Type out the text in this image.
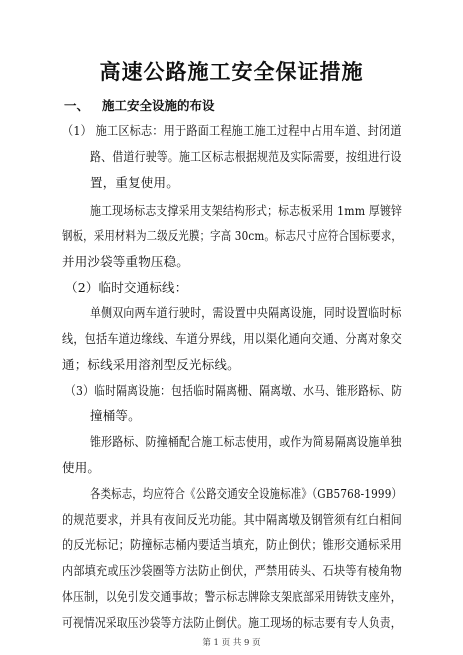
高速公路施工安全保证措施
一、 施工安全设施的布设
（1） 施工区标志：用于路面工程施工施工过程中占用车道、封闭道
路、借道行驶等。施工区标志根据规范及实际需要，按组进行设
置，重复使用。
施工现场标志支撑采用支架结构形式；标志板采用 1mm 厚镀锌
钢板，采用材料为二级反光膜；字高 30cm。标志尺寸应符合国标要求，
并用沙袋等重物压稳。
（2）临时交通标线：
单侧双向两车道行驶时，需设置中央隔离设施，同时设置临时标
线，包括车道边缘线、车道分界线，用以渠化通向交通、分离对象交
通；标线采用溶剂型反光标线。
（3）临时隔离设施：包括临时隔离栅、隔离墩、水马、锥形路标、防
撞桶等。
锥形路标、防撞桶配合施工标志使用，或作为简易隔离设施单独
使用。
各类标志，均应符合《公路交通安全设施标准》（GB5768-1999）
的规范要求，并具有夜间反光功能。其中隔离墩及钢管须有红白相间
的反光标记；防撞标志桶内要适当填充，防止倒伏；锥形交通标采用
内部填充或压沙袋圈等方法防止倒伏，严禁用砖头、石块等有棱角物
体压制，以免引发交通事故；警示标志牌除支架底部采用铸铁支座外，
可视情况采取压沙袋等方法防止倒伏。施工现场的标志要有专人负责，
第 1 页 共 9 页
